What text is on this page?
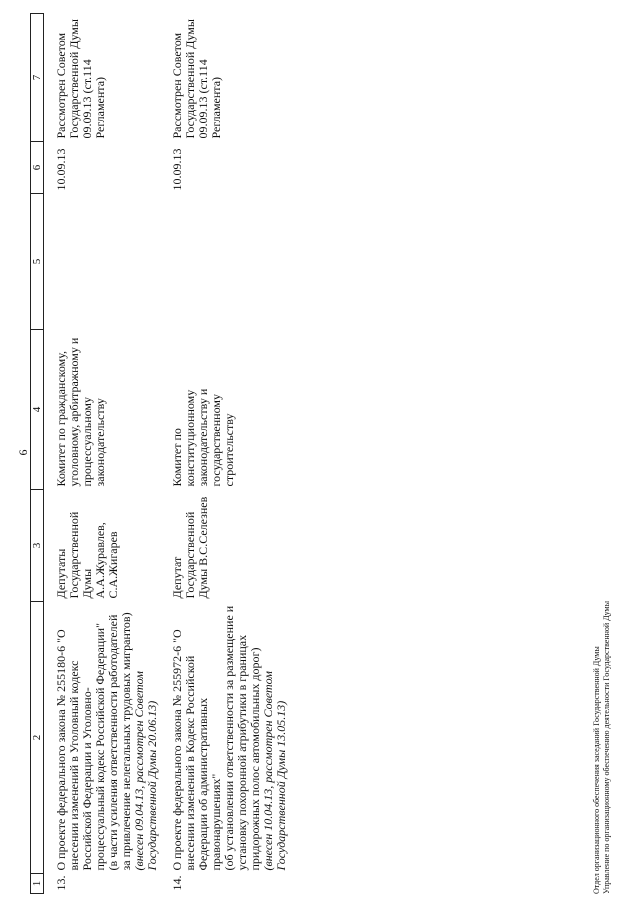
6
1	2	3	4	5	6	7

13.	О проекте федерального закона № 255180-6 "О внесении изменений в Уголовный кодекс Российской Федерации и Уголовно-процессуальный кодекс Российской Федерации" (в части усиления ответственности работодателей за привлечение нелегальных трудовых мигрантов) (внесен 09.04.13, рассмотрен Советом Государственной Думы 20.06.13)	Депутаты Государственной Думы А.А.Журавлев, С.А.Жигарев	Комитет по гражданскому, уголовному, арбитражному и процессуальному законодательству		10.09.13	Рассмотрен Советом Государственной Думы 09.09.13 (ст.114 Регламента)

14.	О проекте федерального закона № 255972-6 "О внесении изменений в Кодекс Российской Федерации об административных правонарушениях" (об установлении ответственности за размещение и установку похоронной атрибутики в границах придорожных полос автомобильных дорог) (внесен 10.04.13, рассмотрен Советом Государственной Думы 13.05.13)	Депутат Государственной Думы В.С.Селезнев	Комитет по конституционному законодательству и государственному строительству		10.09.13	Рассмотрен Советом Государственной Думы 09.09.13 (ст.114 Регламента)
Отдел организационного обеспечения заседаний Государственной Думы Управление по организационному обеспечению деятельности Государственной Думы
